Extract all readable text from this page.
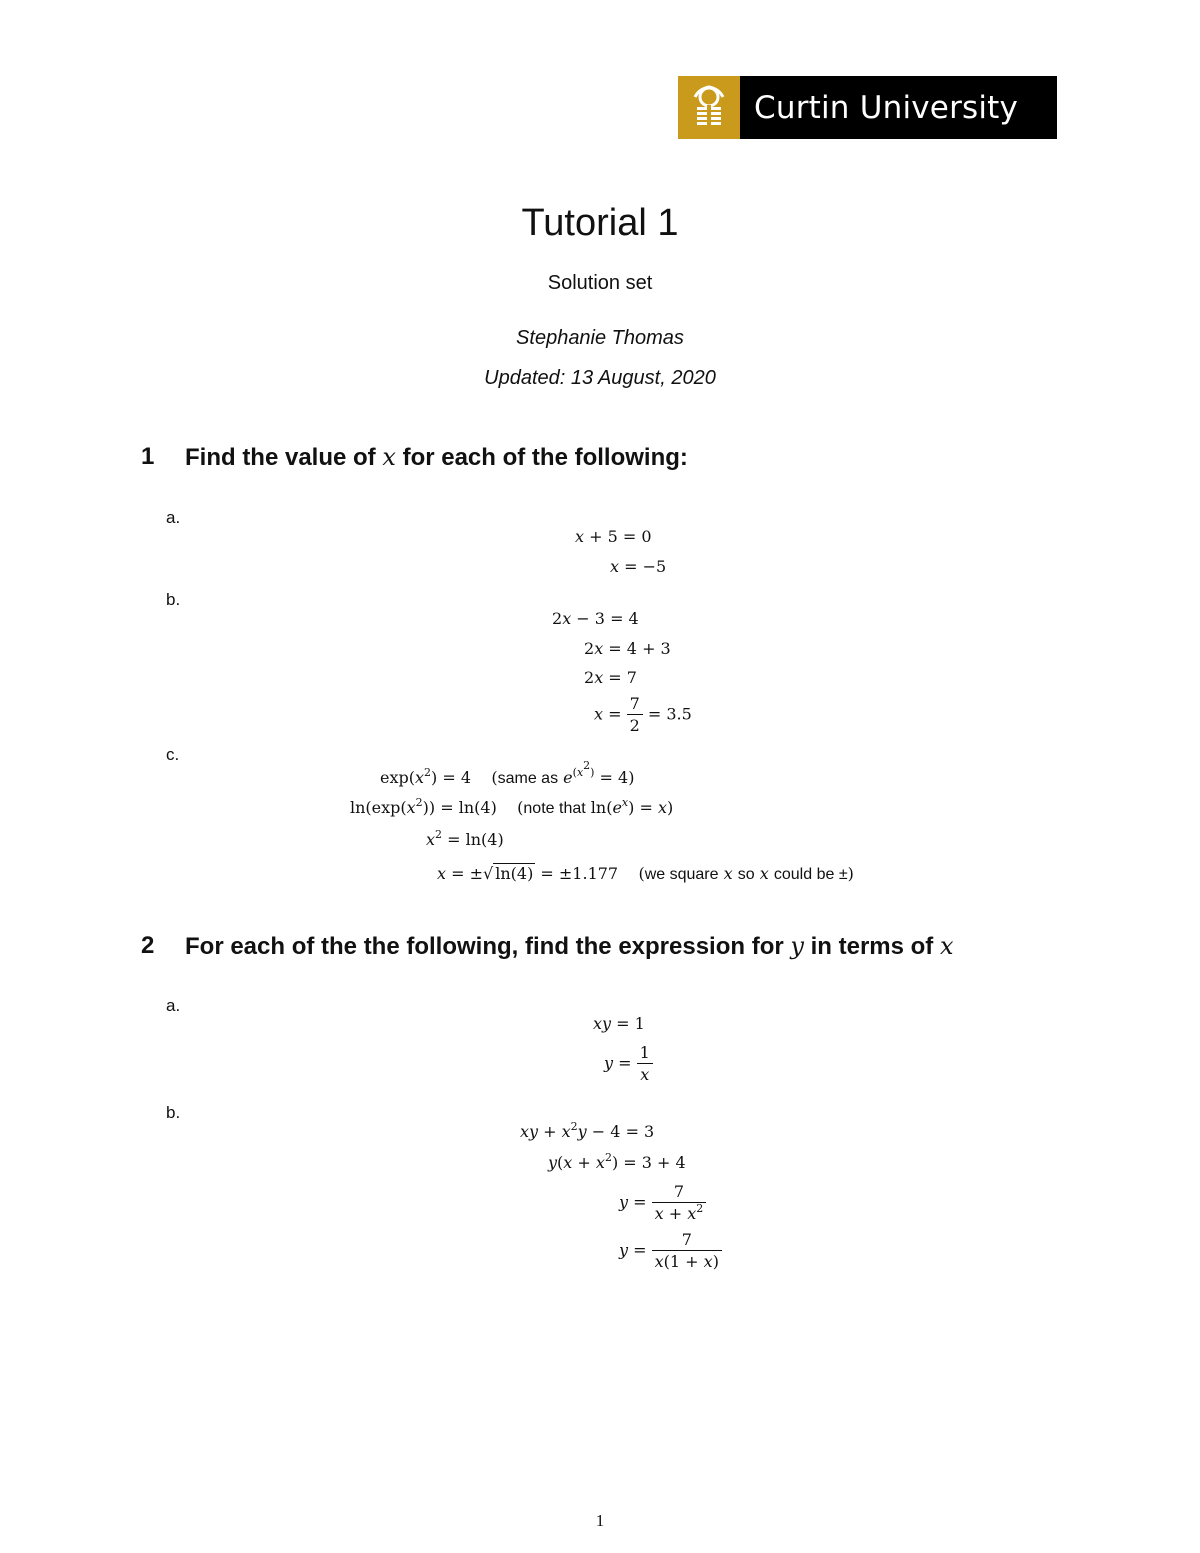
Curtin University
Tutorial 1
Solution set
Stephanie Thomas
Updated: 13 August, 2020
1 Find the value of x for each of the following:
a.
x + 5 = 0
x = −5
b.
2x − 3 = 4
2x = 4 + 3
2x = 7
$x = \frac{7}{2} = 3.5$
c.
$\exp(x^2) = 4$    (same as $e^{(x^2)} = 4$)
$\ln(\exp(x^2)) = \ln(4)$    (note that $\ln(e^x) = x$)
$x^2 = \ln(4)$
x = ±√ ln(4) = ±1.177    (we square x so x could be ±)
2 For each of the the following, find the expression for y in terms of x
a.
xy = 1
$y = \frac{1}{x}$
b.
xy + $x^2y - 4 = 3$
$y(x + x^2) = 3 + 4$
$y = \frac{7}{x + x^2}$
$y = \frac{7}{x(1 + x)}$
1
